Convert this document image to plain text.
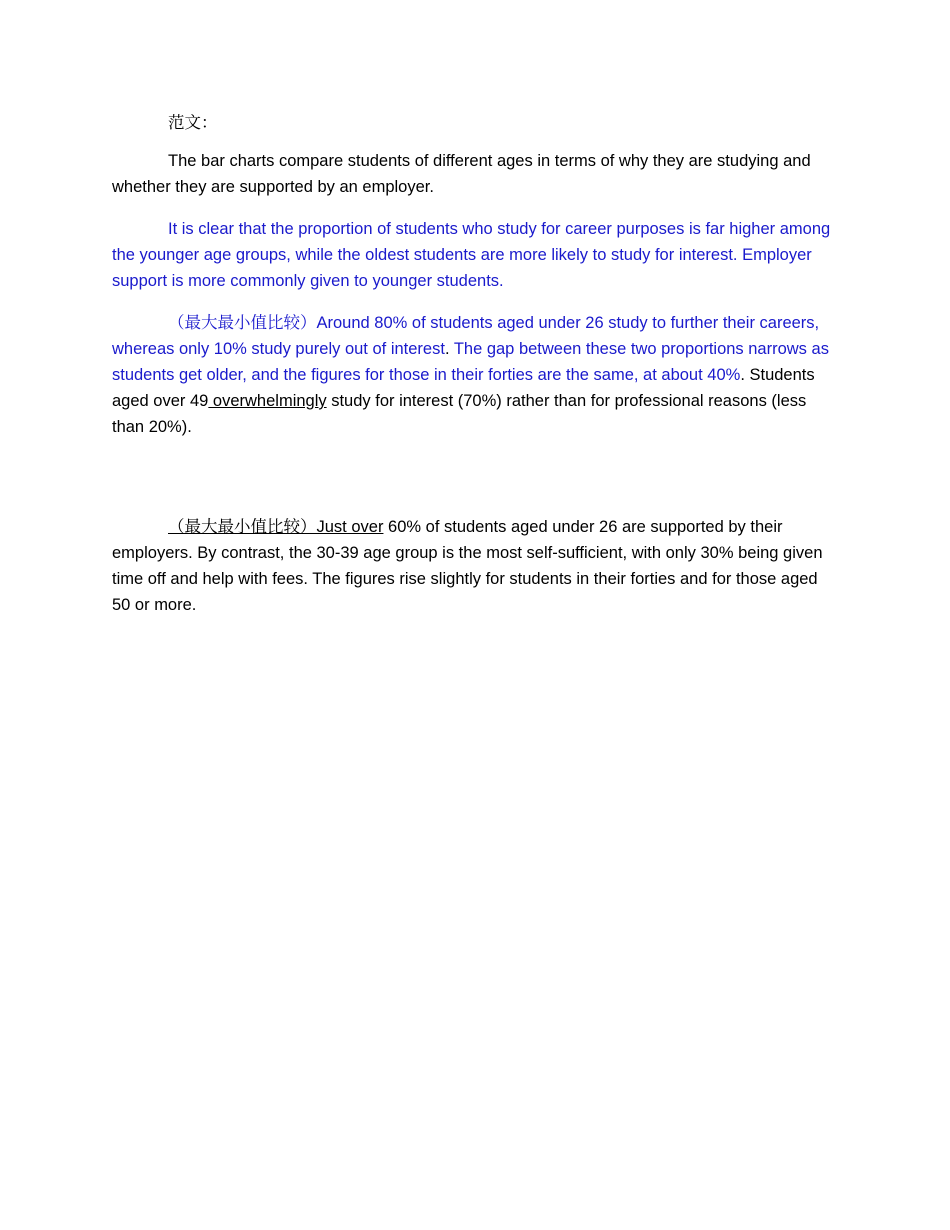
范文：

The bar charts compare students of different ages in terms of why they are studying and whether they are supported by an employer.

It is clear that the proportion of students who study for career purposes is far higher among the younger age groups, while the oldest students are more likely to study for interest. Employer support is more commonly given to younger students.

（最大最小值比较）Around 80% of students aged under 26 study to further their careers, whereas only 10% study purely out of interest. The gap between these two proportions narrows as students get older, and the figures for those in their forties are the same, at about 40%. Students aged over 49 overwhelmingly study for interest (70%) rather than for professional reasons (less than 20%).

（最大最小值比较）Just over 60% of students aged under 26 are supported by their employers. By contrast, the 30-39 age group is the most self-sufficient, with only 30% being given time off and help with fees. The figures rise slightly for students in their forties and for those aged 50 or more.
